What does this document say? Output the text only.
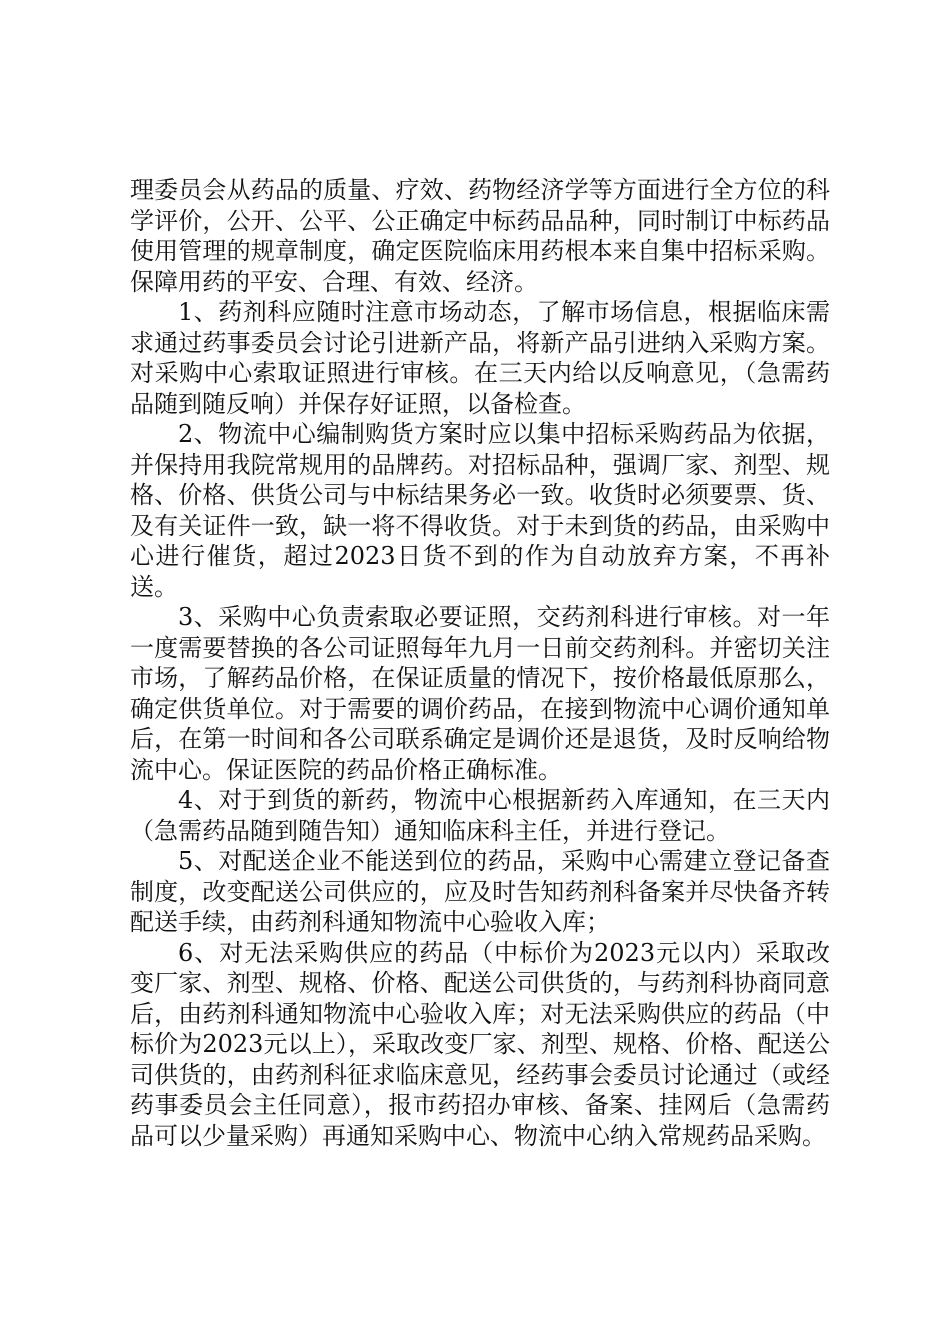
理委员会从药品的质量、疗效、药物经济学等方面进行全方位的科学评价，公开、公平、公正确定中标药品品种，同时制订中标药品使用管理的规章制度，确定医院临床用药根本来自集中招标采购。保障用药的平安、合理、有效、经济。

1、药剂科应随时注意市场动态，了解市场信息，根据临床需求通过药事委员会讨论引进新产品，将新产品引进纳入采购方案。对采购中心索取证照进行审核。在三天内给以反响意见，（急需药品随到随反响）并保存好证照，以备检查。

2、物流中心编制购货方案时应以集中招标采购药品为依据，并保持用我院常规用的品牌药。对招标品种，强调厂家、剂型、规格、价格、供货公司与中标结果务必一致。收货时必须要票、货、及有关证件一致，缺一将不得收货。对于未到货的药品，由采购中心进行催货，超过2023日货不到的作为自动放弃方案，不再补送。

3、采购中心负责索取必要证照，交药剂科进行审核。对一年一度需要替换的各公司证照每年九月一日前交药剂科。并密切关注市场，了解药品价格，在保证质量的情况下，按价格最低原那么，确定供货单位。对于需要的调价药品，在接到物流中心调价通知单后，在第一时间和各公司联系确定是调价还是退货，及时反响给物流中心。保证医院的药品价格正确标准。

4、对于到货的新药，物流中心根据新药入库通知，在三天内（急需药品随到随告知）通知临床科主任，并进行登记。

5、对配送企业不能送到位的药品，采购中心需建立登记备查制度，改变配送公司供应的，应及时告知药剂科备案并尽快备齐转配送手续，由药剂科通知物流中心验收入库；

6、对无法采购供应的药品（中标价为2023元以内）采取改变厂家、剂型、规格、价格、配送公司供货的，与药剂科协商同意后，由药剂科通知物流中心验收入库；对无法采购供应的药品（中标价为2023元以上），采取改变厂家、剂型、规格、价格、配送公司供货的，由药剂科征求临床意见，经药事会委员讨论通过（或经药事委员会主任同意），报市药招办审核、备案、挂网后（急需药品可以少量采购）再通知采购中心、物流中心纳入常规药品采购。
